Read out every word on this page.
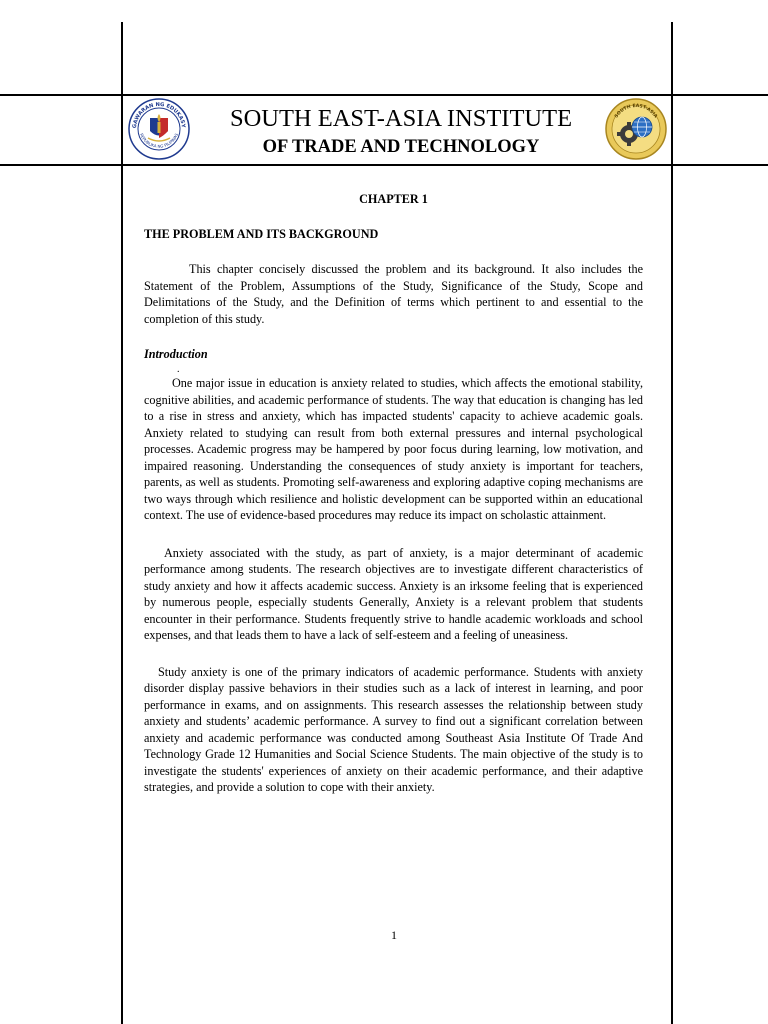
GAWARAN NG EDUKASY
REPUBLIKA NG PILIPINAS
SOUTH EAST-ASIA INSTITUTE
OF TRADE AND TECHNOLOGY
SOUTH EAST-ASIA

CHAPTER 1

THE PROBLEM AND ITS BACKGROUND

This chapter concisely discussed the problem and its background. It also includes the Statement of the Problem, Assumptions of the Study, Significance of the Study, Scope and Delimitations of the Study, and the Definition of terms which pertinent to and essential to the completion of this study.

Introduction

.

One major issue in education is anxiety related to studies, which affects the emotional stability, cognitive abilities, and academic performance of students. The way that education is changing has led to a rise in stress and anxiety, which has impacted students' capacity to achieve academic goals. Anxiety related to studying can result from both external pressures and internal psychological processes. Academic progress may be hampered by poor focus during learning, low motivation, and impaired reasoning. Understanding the consequences of study anxiety is important for teachers, parents, as well as students. Promoting self-awareness and exploring adaptive coping mechanisms are two ways through which resilience and holistic development can be supported within an educational context. The use of evidence-based procedures may reduce its impact on scholastic attainment.

Anxiety associated with the study, as part of anxiety, is a major determinant of academic performance among students. The research objectives are to investigate different characteristics of study anxiety and how it affects academic success. Anxiety is an irksome feeling that is experienced by numerous people, especially students Generally, Anxiety is a relevant problem that students encounter in their performance. Students frequently strive to handle academic workloads and school expenses, and that leads them to have a lack of self-esteem and a feeling of uneasiness.

Study anxiety is one of the primary indicators of academic performance. Students with anxiety disorder display passive behaviors in their studies such as a lack of interest in learning, and poor performance in exams, and on assignments. This research assesses the relationship between study anxiety and students’ academic performance. A survey to find out a significant correlation between anxiety and academic performance was conducted among Southeast Asia Institute Of Trade And Technology Grade 12 Humanities and Social Science Students. The main objective of the study is to investigate the students' experiences of anxiety on their academic performance, and their adaptive strategies, and provide a solution to cope with their anxiety.

1
